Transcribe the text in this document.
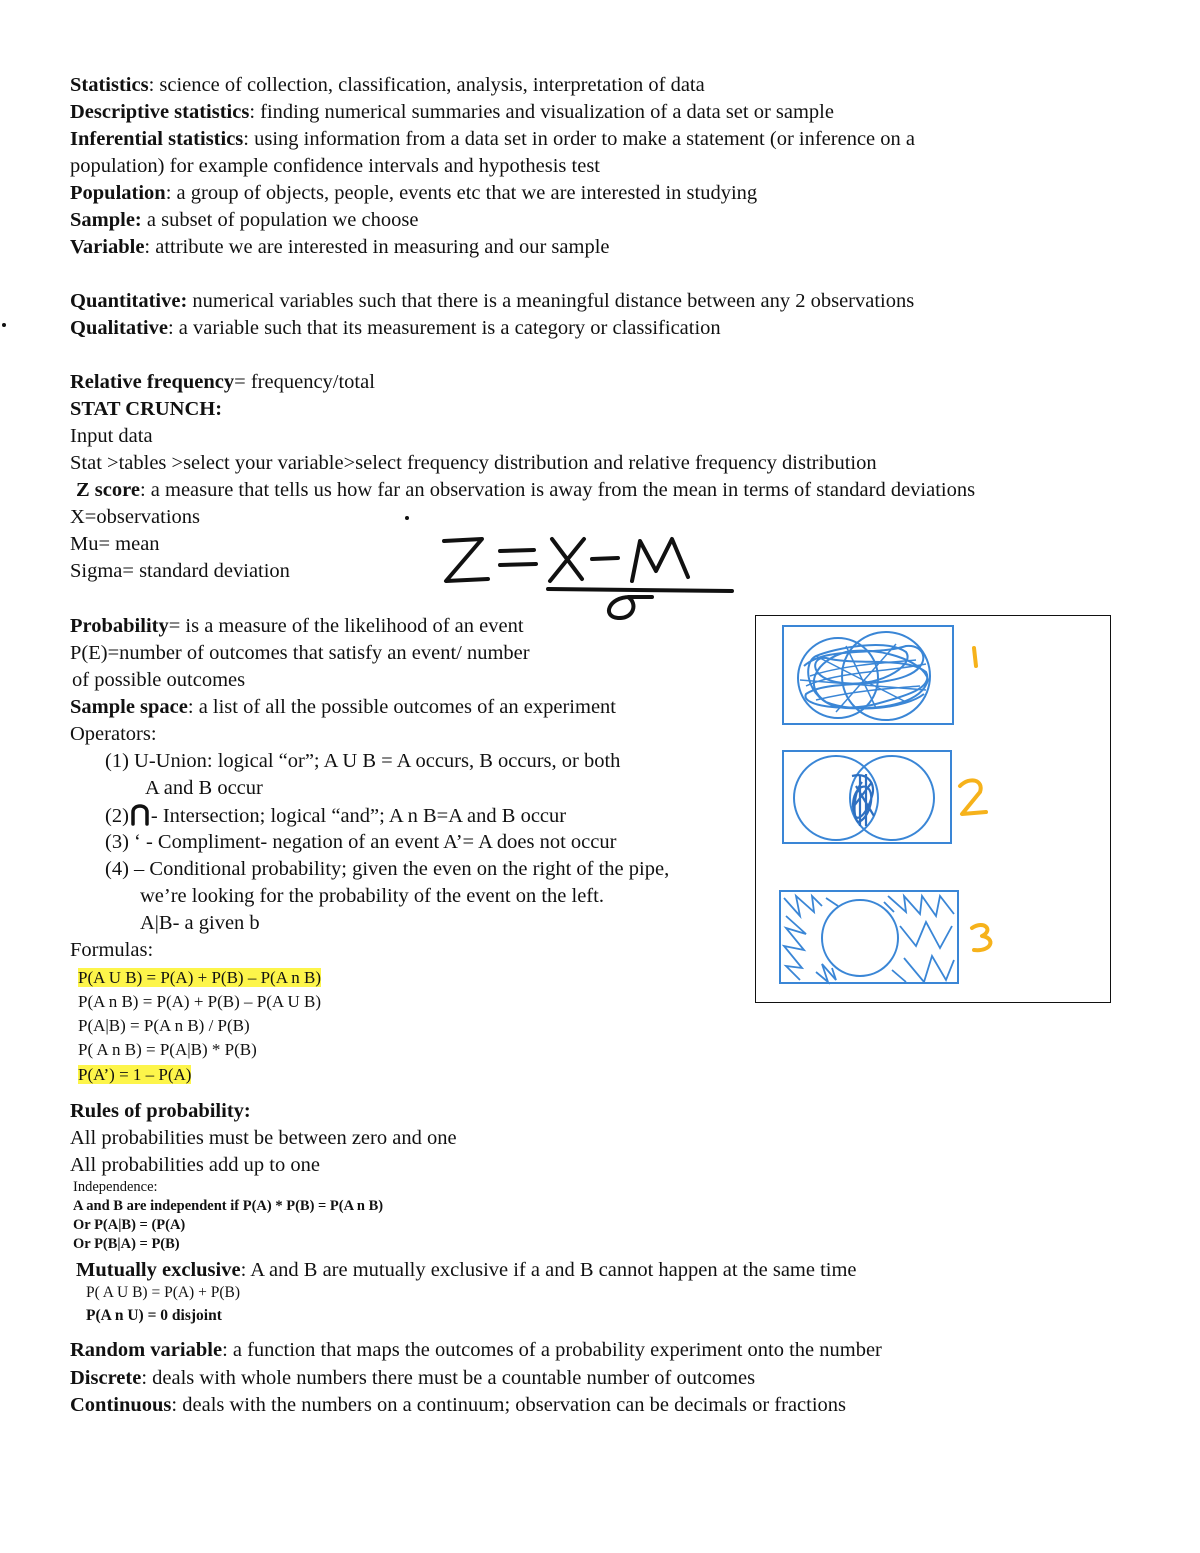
Statistics: science of collection, classification, analysis, interpretation of data
Descriptive statistics: finding numerical summaries and visualization of a data set or sample
Inferential statistics: using information from a data set in order to make a statement (or inference on a
population) for example confidence intervals and hypothesis test
Population: a group of objects, people, events etc that we are interested in studying
Sample: a subset of population we choose
Variable: attribute we are interested in measuring and our sample
Quantitative: numerical variables such that there is a meaningful distance between any 2 observations
Qualitative: a variable such that its measurement is a category or classification
Relative frequency= frequency/total
STAT CRUNCH:
Input data
Stat >tables >select your variable>select frequency distribution and relative frequency distribution
Z score: a measure that tells us how far an observation is away from the mean in terms of standard deviations
X=observations
Mu= mean
Sigma= standard deviation
Probability= is a measure of the likelihood of an event
P(E)=number of outcomes that satisfy an event/ number
of possible outcomes
Sample space: a list of all the possible outcomes of an experiment
Operators:
(1) U-Union: logical “or”; A U B = A occurs, B occurs, or both
A and B occur
(2) - Intersection; logical “and”; A n B=A and B occur
(3) ‘ - Compliment- negation of an event A’= A does not occur
(4) – Conditional probability; given the even on the right of the pipe,
we’re looking for the probability of the event on the left.
A|B- a given b
Formulas:
P(A U B) = P(A) + P(B) – P(A n B)
P(A n B) = P(A) + P(B) – P(A U B)
P(A|B) = P(A n B) / P(B)
P( A n B) = P(A|B) * P(B)
P(A’) = 1 – P(A)
Rules of probability:
All probabilities must be between zero and one
All probabilities add up to one
Independence:
A and B are independent if P(A) * P(B) = P(A n B)
Or P(A|B) = (P(A)
Or P(B|A) = P(B)
Mutually exclusive: A and B are mutually exclusive if a and B cannot happen at the same time
P( A U B) = P(A) + P(B)
P(A n U) = 0 disjoint
Random variable: a function that maps the outcomes of a probability experiment onto the number
Discrete: deals with whole numbers there must be a countable number of outcomes
Continuous: deals with the numbers on a continuum; observation can be decimals or fractions
